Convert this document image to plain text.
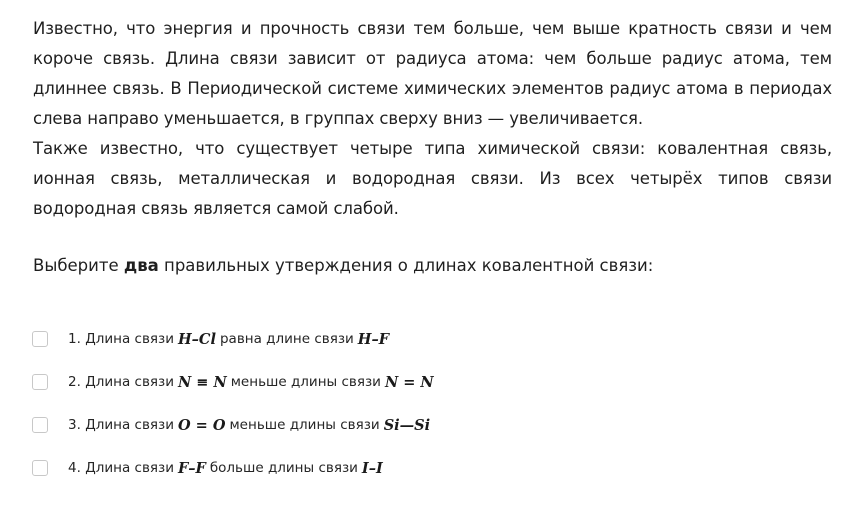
Известно, что энергия и прочность связи тем больше, чем выше кратность связи и чем короче связь. Длина связи зависит от радиуса атома: чем больше радиус атома, тем длиннее связь. В Периодической системе химических элементов радиус атома в периодах слева направо уменьшается, в группах сверху вниз — увеличивается.

Также известно, что существует четыре типа химической связи: ковалентная связь, ионная связь, металлическая и водородная связи. Из всех четырёх типов связи водородная связь является самой слабой.

Выберите два правильных утверждения о длинах ковалентной связи:

1.
Длина связи H–Cl равна длине связи H–F
2.
Длина связи N ≡ N меньше длины связи N = N
3.
Длина связи O = O меньше длины связи Si—Si
4.
Длина связи F–F больше длины связи I–I
